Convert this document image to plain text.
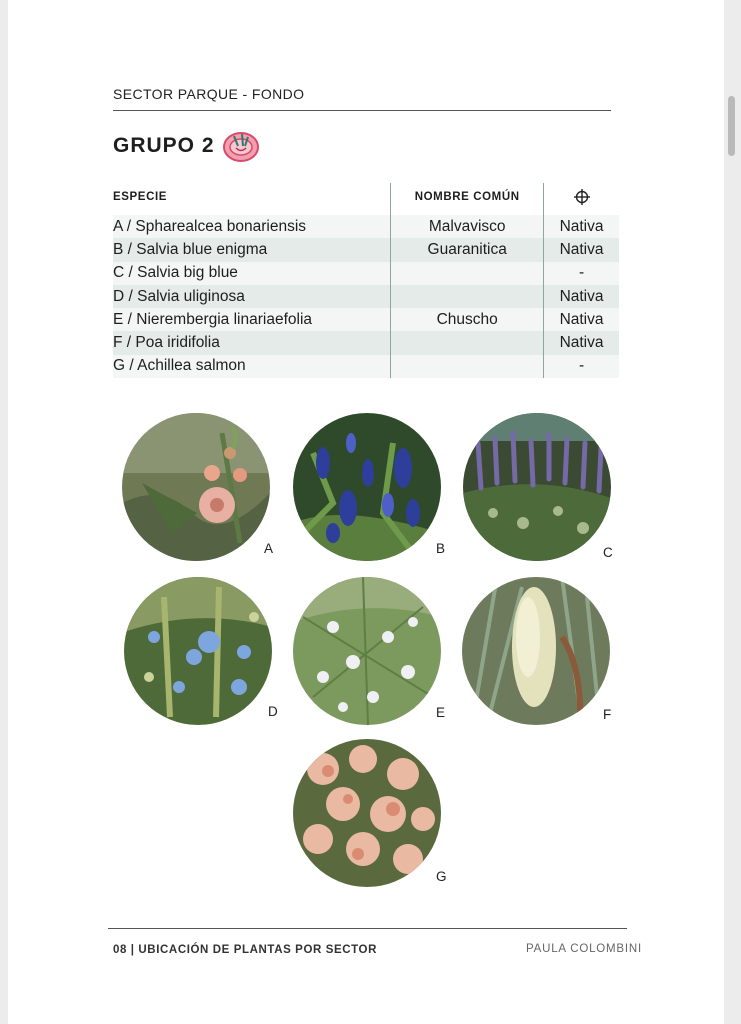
SECTOR PARQUE - FONDO
GRUPO 2
ESPECIE	NOMBRE COMÚN	
A / Spharealcea bonariensis	Malvavisco	Nativa
B / Salvia blue enigma	Guaranitica	Nativa
C / Salvia big blue		-
D / Salvia uliginosa		Nativa
E / Nierembergia linariaefolia	Chuscho	Nativa
F / Poa iridifolia		Nativa
G / Achillea salmon		-
A	B	C
D	E	F
G
08 | UBICACIÓN DE PLANTAS POR SECTOR	PAULA COLOMBINI
